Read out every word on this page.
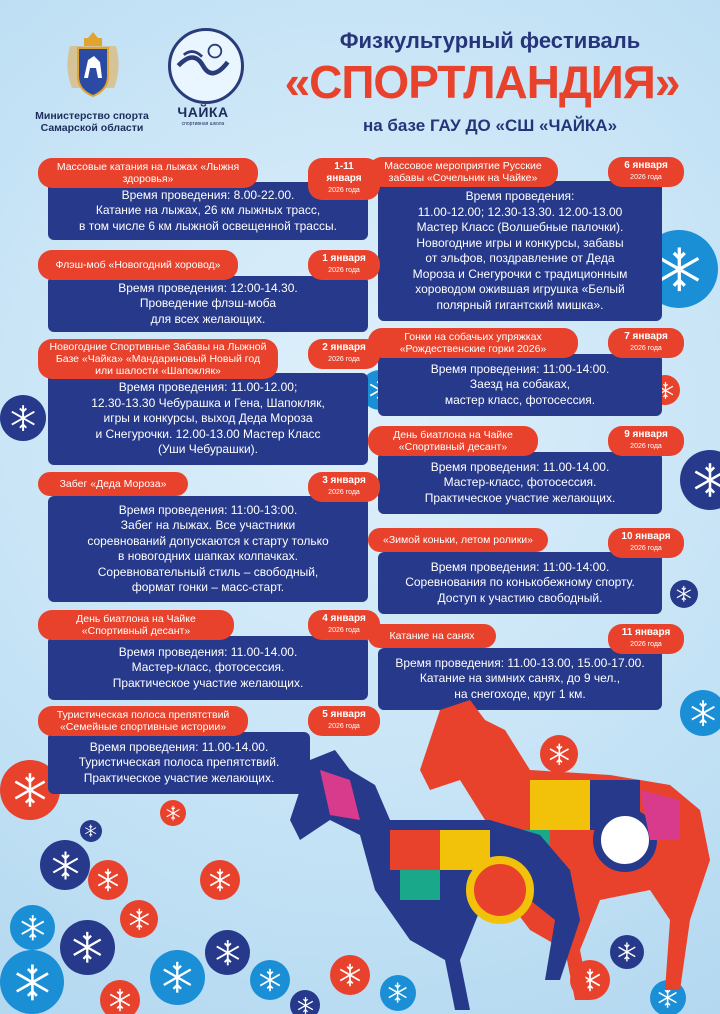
Министерство спорта Самарской области
ЧАЙКА
спортивная школа
Физкультурный фестиваль
«СПОРТЛАНДИЯ»
на базе ГАУ ДО «СШ «ЧАЙКА»
Массовые катания на лыжах «Лыжня здоровья»
1-11 января
2026 года
Время проведения: 8.00-22.00.
Катание на лыжах, 26 км лыжных трасс,
в том числе 6 км лыжной освещенной трассы.
Флэш-моб «Новогодний хоровод»
1 января
2026 года
Время проведения: 12:00-14.30.
Проведение флэш-моба
для всех желающих.
Новогодние Спортивные Забавы на Лыжной Базе «Чайка» «Мандариновый Новый год или шалости «Шапокляк»
2 января
2026 года
Время проведения: 11.00-12.00;
12.30-13.30 Чебурашка и Гена, Шапокляк,
игры и конкурсы, выход Деда Мороза
и Снегурочки. 12.00-13.00 Мастер Класс
(Уши Чебурашки).
Забег «Деда Мороза»	3 января
2026 года
Время проведения: 11:00-13:00.
Забег на лыжах. Все участники
соревнований допускаются к старту только
в новогодних шапках колпачках.
Соревновательный стиль – свободный,
формат гонки – масс-старт.
День биатлона на Чайке «Спортивный десант»
4 января
2026 года
Время проведения: 11.00-14.00.
Мастер-класс, фотосессия.
Практическое участие желающих.
Туристическая полоса препятствий «Семейные спортивные истории»
5 января
2026 года
Время проведения: 11.00-14.00.
Туристическая полоса препятствий.
Практическое участие желающих.
Массовое мероприятие Русские забавы «Сочельник на Чайке»
6 января
2026 года
Время проведения:
11.00-12.00; 12.30-13.30. 12.00-13.00
Мастер Класс (Волшебные палочки).
Новогодние игры и конкурсы, забавы
от эльфов, поздравление от Деда
Мороза и Снегурочки с традиционным
хороводом ожившая игрушка «Белый
полярный гигантский мишка».
Гонки на собачьих упряжках «Рождественские горки 2026»
7 января
2026 года
Время проведения: 11:00-14:00.
Заезд на собаках,
мастер класс, фотосессия.
День биатлона на Чайке «Спортивный десант»
9 января
2026 года
Время проведения: 11.00-14.00.
Мастер-класс, фотосессия.
Практическое участие желающих.
«Зимой коньки, летом ролики»	10 января
2026 года
Время проведения: 11:00-14:00.
Соревнования по конькобежному спорту.
Доступ к участию свободный.
Катание на санях	11 января
2026 года
Время проведения: 11.00-13.00, 15.00-17.00.
Катание на зимних санях, до 9 чел.,
на снегоходе, круг 1 км.
